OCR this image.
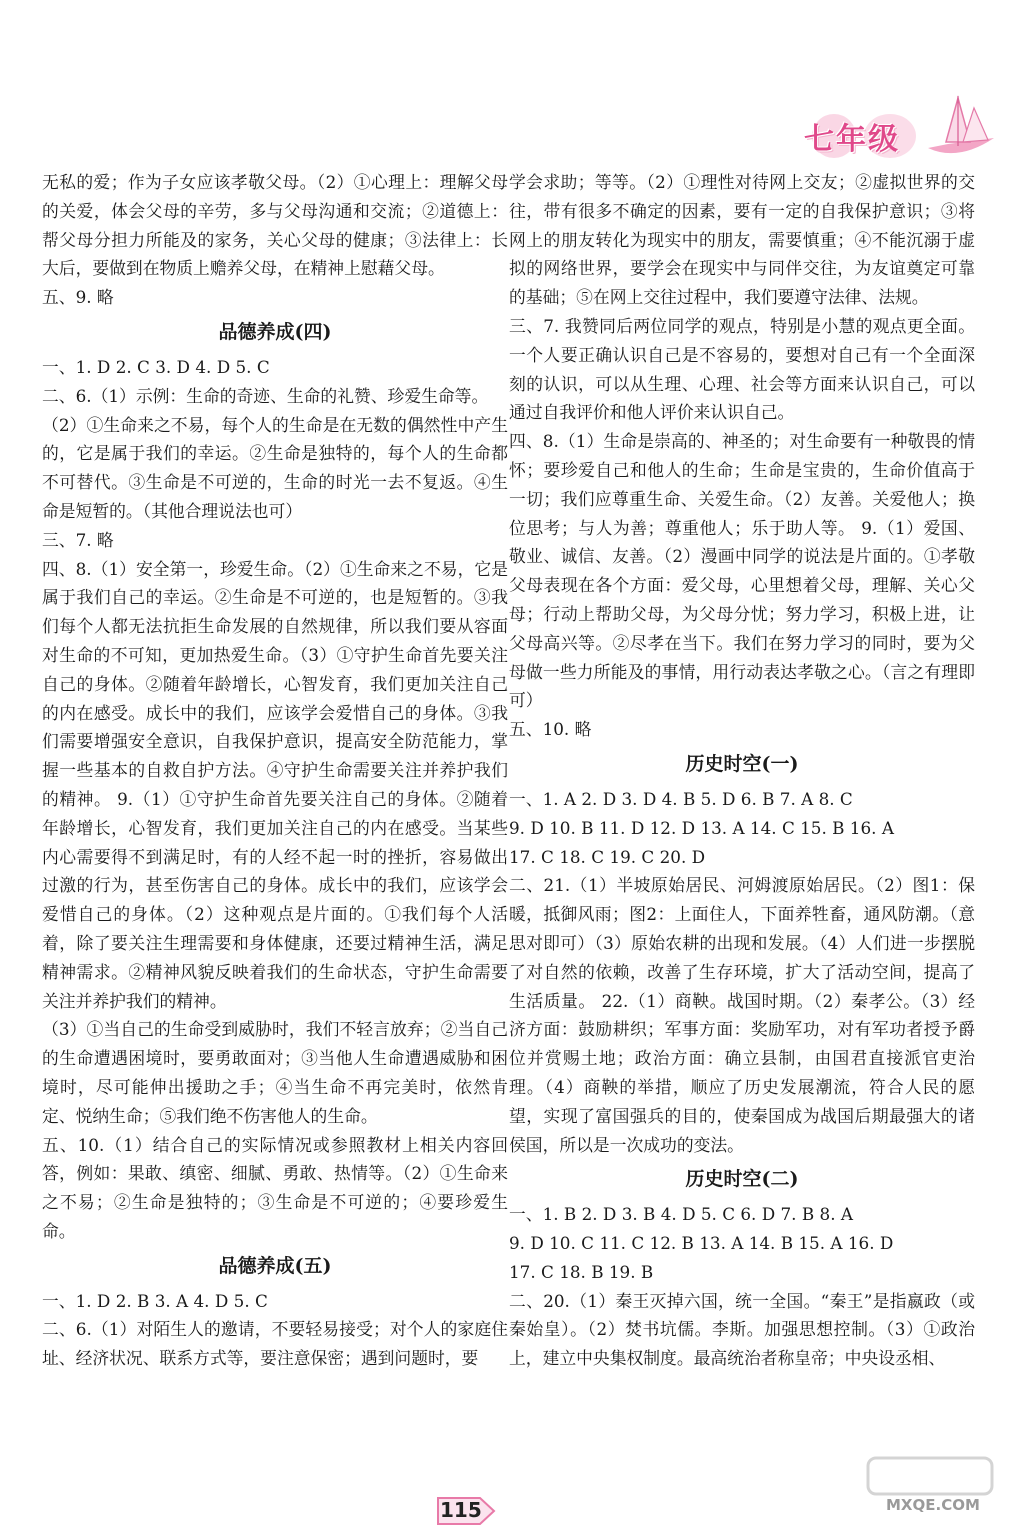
七年级

无私的爱；作为子女应该孝敬父母。（2）①心理上：理解父母的关爱，体会父母的辛劳，多与父母沟通和交流；②道德上：帮父母分担力所能及的家务，关心父母的健康；③法律上：长大后，要做到在物质上赡养父母，在精神上慰藉父母。

五、9. 略

品德养成(四)

一、1. D 2. C 3. D 4. D 5. C

二、6.（1）示例：生命的奇迹、生命的礼赞、珍爱生命等。

（2）①生命来之不易，每个人的生命是在无数的偶然性中产生的，它是属于我们的幸运。②生命是独特的，每个人的生命都不可替代。③生命是不可逆的，生命的时光一去不复返。④生命是短暂的。（其他合理说法也可）

三、7. 略

四、8.（1）安全第一，珍爱生命。（2）①生命来之不易，它是属于我们自己的幸运。②生命是不可逆的，也是短暂的。③我们每个人都无法抗拒生命发展的自然规律，所以我们要从容面对生命的不可知，更加热爱生命。（3）①守护生命首先要关注自己的身体。②随着年龄增长，心智发育，我们更加关注自己的内在感受。成长中的我们，应该学会爱惜自己的身体。③我们需要增强安全意识，自我保护意识，提高安全防范能力，掌握一些基本的自救自护方法。④守护生命需要关注并养护我们的精神。 9.（1）①守护生命首先要关注自己的身体。②随着年龄增长，心智发育，我们更加关注自己的内在感受。当某些内心需要得不到满足时，有的人经不起一时的挫折，容易做出过激的行为，甚至伤害自己的身体。成长中的我们，应该学会爱惜自己的身体。（2）这种观点是片面的。①我们每个人活着，除了要关注生理需要和身体健康，还要过精神生活，满足精神需求。②精神风貌反映着我们的生命状态，守护生命需要关注并养护我们的精神。

（3）①当自己的生命受到威胁时，我们不轻言放弃；②当自己的生命遭遇困境时，要勇敢面对；③当他人生命遭遇威胁和困境时，尽可能伸出援助之手；④当生命不再完美时，依然肯定、悦纳生命；⑤我们绝不伤害他人的生命。

五、10.（1）结合自己的实际情况或参照教材上相关内容回答，例如：果敢、缜密、细腻、勇敢、热情等。（2）①生命来之不易；②生命是独特的；③生命是不可逆的；④要珍爱生命。

品德养成(五)

一、1. D 2. B 3. A 4. D 5. C

二、6.（1）对陌生人的邀请，不要轻易接受；对个人的家庭住址、经济状况、联系方式等，要注意保密；遇到问题时，要

学会求助；等等。（2）①理性对待网上交友；②虚拟世界的交往，带有很多不确定的因素，要有一定的自我保护意识；③将网上的朋友转化为现实中的朋友，需要慎重；④不能沉溺于虚拟的网络世界，要学会在现实中与同伴交往，为友谊奠定可靠的基础；⑤在网上交往过程中，我们要遵守法律、法规。

三、7. 我赞同后两位同学的观点，特别是小慧的观点更全面。一个人要正确认识自己是不容易的，要想对自己有一个全面深刻的认识，可以从生理、心理、社会等方面来认识自己，可以通过自我评价和他人评价来认识自己。

四、8.（1）生命是崇高的、神圣的；对生命要有一种敬畏的情怀；要珍爱自己和他人的生命；生命是宝贵的，生命价值高于一切；我们应尊重生命、关爱生命。（2）友善。关爱他人；换位思考；与人为善；尊重他人；乐于助人等。 9.（1）爱国、敬业、诚信、友善。（2）漫画中同学的说法是片面的。①孝敬父母表现在各个方面：爱父母，心里想着父母，理解、关心父母；行动上帮助父母，为父母分忧；努力学习，积极上进，让父母高兴等。②尽孝在当下。我们在努力学习的同时，要为父母做一些力所能及的事情，用行动表达孝敬之心。（言之有理即可）

五、10. 略

历史时空(一)

一、1. A 2. D 3. D 4. B 5. D 6. B 7. A 8. C

9. D 10. B 11. D 12. D 13. A 14. C 15. B 16. A

17. C 18. C 19. C 20. D

二、21.（1）半坡原始居民、河姆渡原始居民。（2）图1：保暖，抵御风雨；图2：上面住人，下面养牲畜，通风防潮。（意思对即可）（3）原始农耕的出现和发展。（4）人们进一步摆脱了对自然的依赖，改善了生存环境，扩大了活动空间，提高了生活质量。 22.（1）商鞅。战国时期。（2）秦孝公。（3）经济方面：鼓励耕织；军事方面：奖励军功，对有军功者授予爵位并赏赐土地；政治方面：确立县制，由国君直接派官吏治理。（4）商鞅的举措，顺应了历史发展潮流，符合人民的愿望，实现了富国强兵的目的，使秦国成为战国后期最强大的诸侯国，所以是一次成功的变法。

历史时空(二)

一、1. B 2. D 3. B 4. D 5. C 6. D 7. B 8. A

9. D 10. C 11. C 12. B 13. A 14. B 15. A 16. D

17. C 18. B 19. B

二、20.（1）秦王灭掉六国，统一全国。“秦王”是指嬴政（或秦始皇）。（2）焚书坑儒。李斯。加强思想控制。（3）①政治上，建立中央集权制度。最高统治者称皇帝；中央设丞相、

115	MXQE.COM
